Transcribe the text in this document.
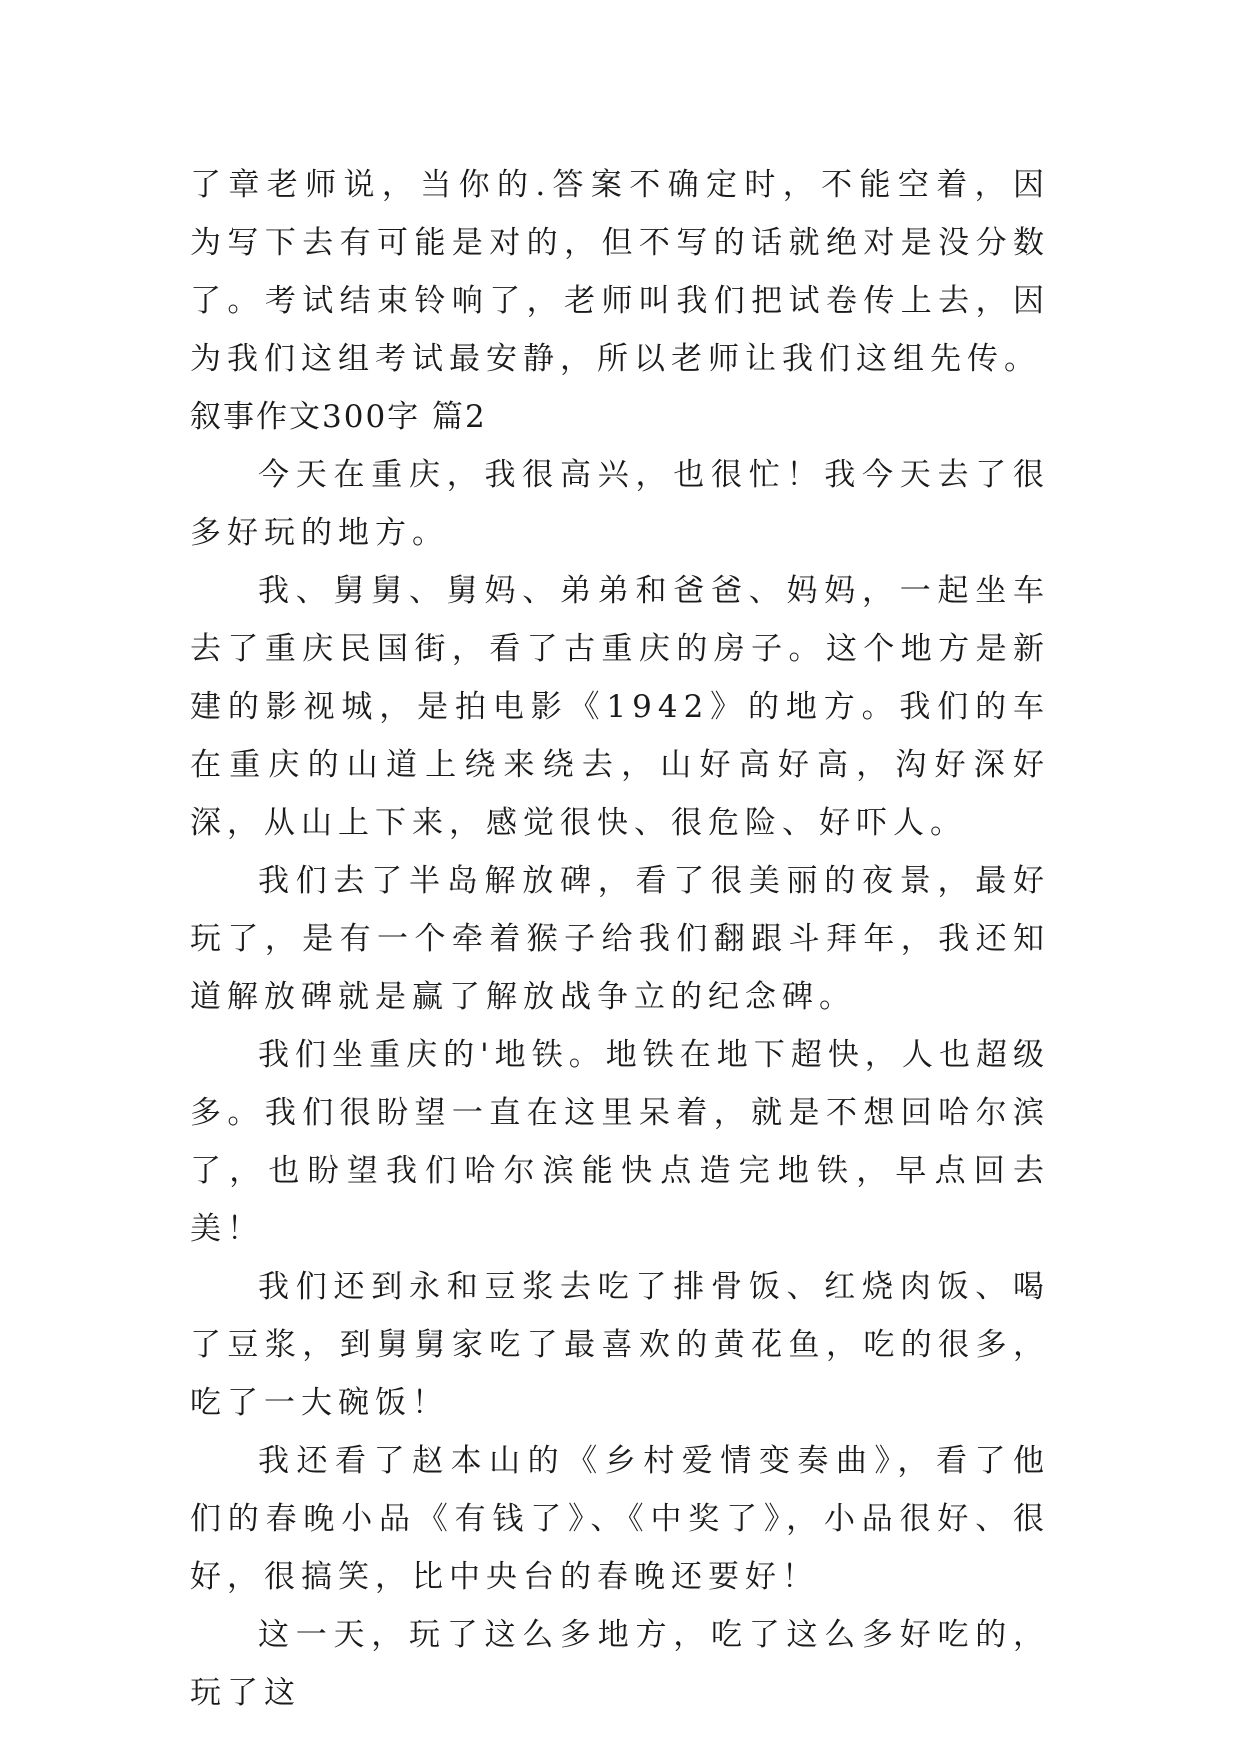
了章老师说，当你的.答案不确定时，不能空着，因为写下去有可能是对的，但不写的话就绝对是没分数了。考试结束铃响了，老师叫我们把试卷传上去，因为我们这组考试最安静，所以老师让我们这组先传。

叙事作文300字 篇2

今天在重庆，我很高兴，也很忙！我今天去了很多好玩的地方。

我、舅舅、舅妈、弟弟和爸爸、妈妈，一起坐车去了重庆民国街，看了古重庆的房子。这个地方是新建的影视城，是拍电影《1942》的地方。我们的车在重庆的山道上绕来绕去，山好高好高，沟好深好深，从山上下来，感觉很快、很危险、好吓人。

我们去了半岛解放碑，看了很美丽的夜景，最好玩了，是有一个牵着猴子给我们翻跟斗拜年，我还知道解放碑就是赢了解放战争立的纪念碑。

我们坐重庆的'地铁。地铁在地下超快，人也超级多。我们很盼望一直在这里呆着，就是不想回哈尔滨了，也盼望我们哈尔滨能快点造完地铁，早点回去美！

我们还到永和豆浆去吃了排骨饭、红烧肉饭、喝了豆浆，到舅舅家吃了最喜欢的黄花鱼，吃的很多，吃了一大碗饭！

我还看了赵本山的《乡村爱情变奏曲》，看了他们的春晚小品《有钱了》、《中奖了》，小品很好、很好，很搞笑，比中央台的春晚还要好！

这一天，玩了这么多地方，吃了这么多好吃的，玩了这
